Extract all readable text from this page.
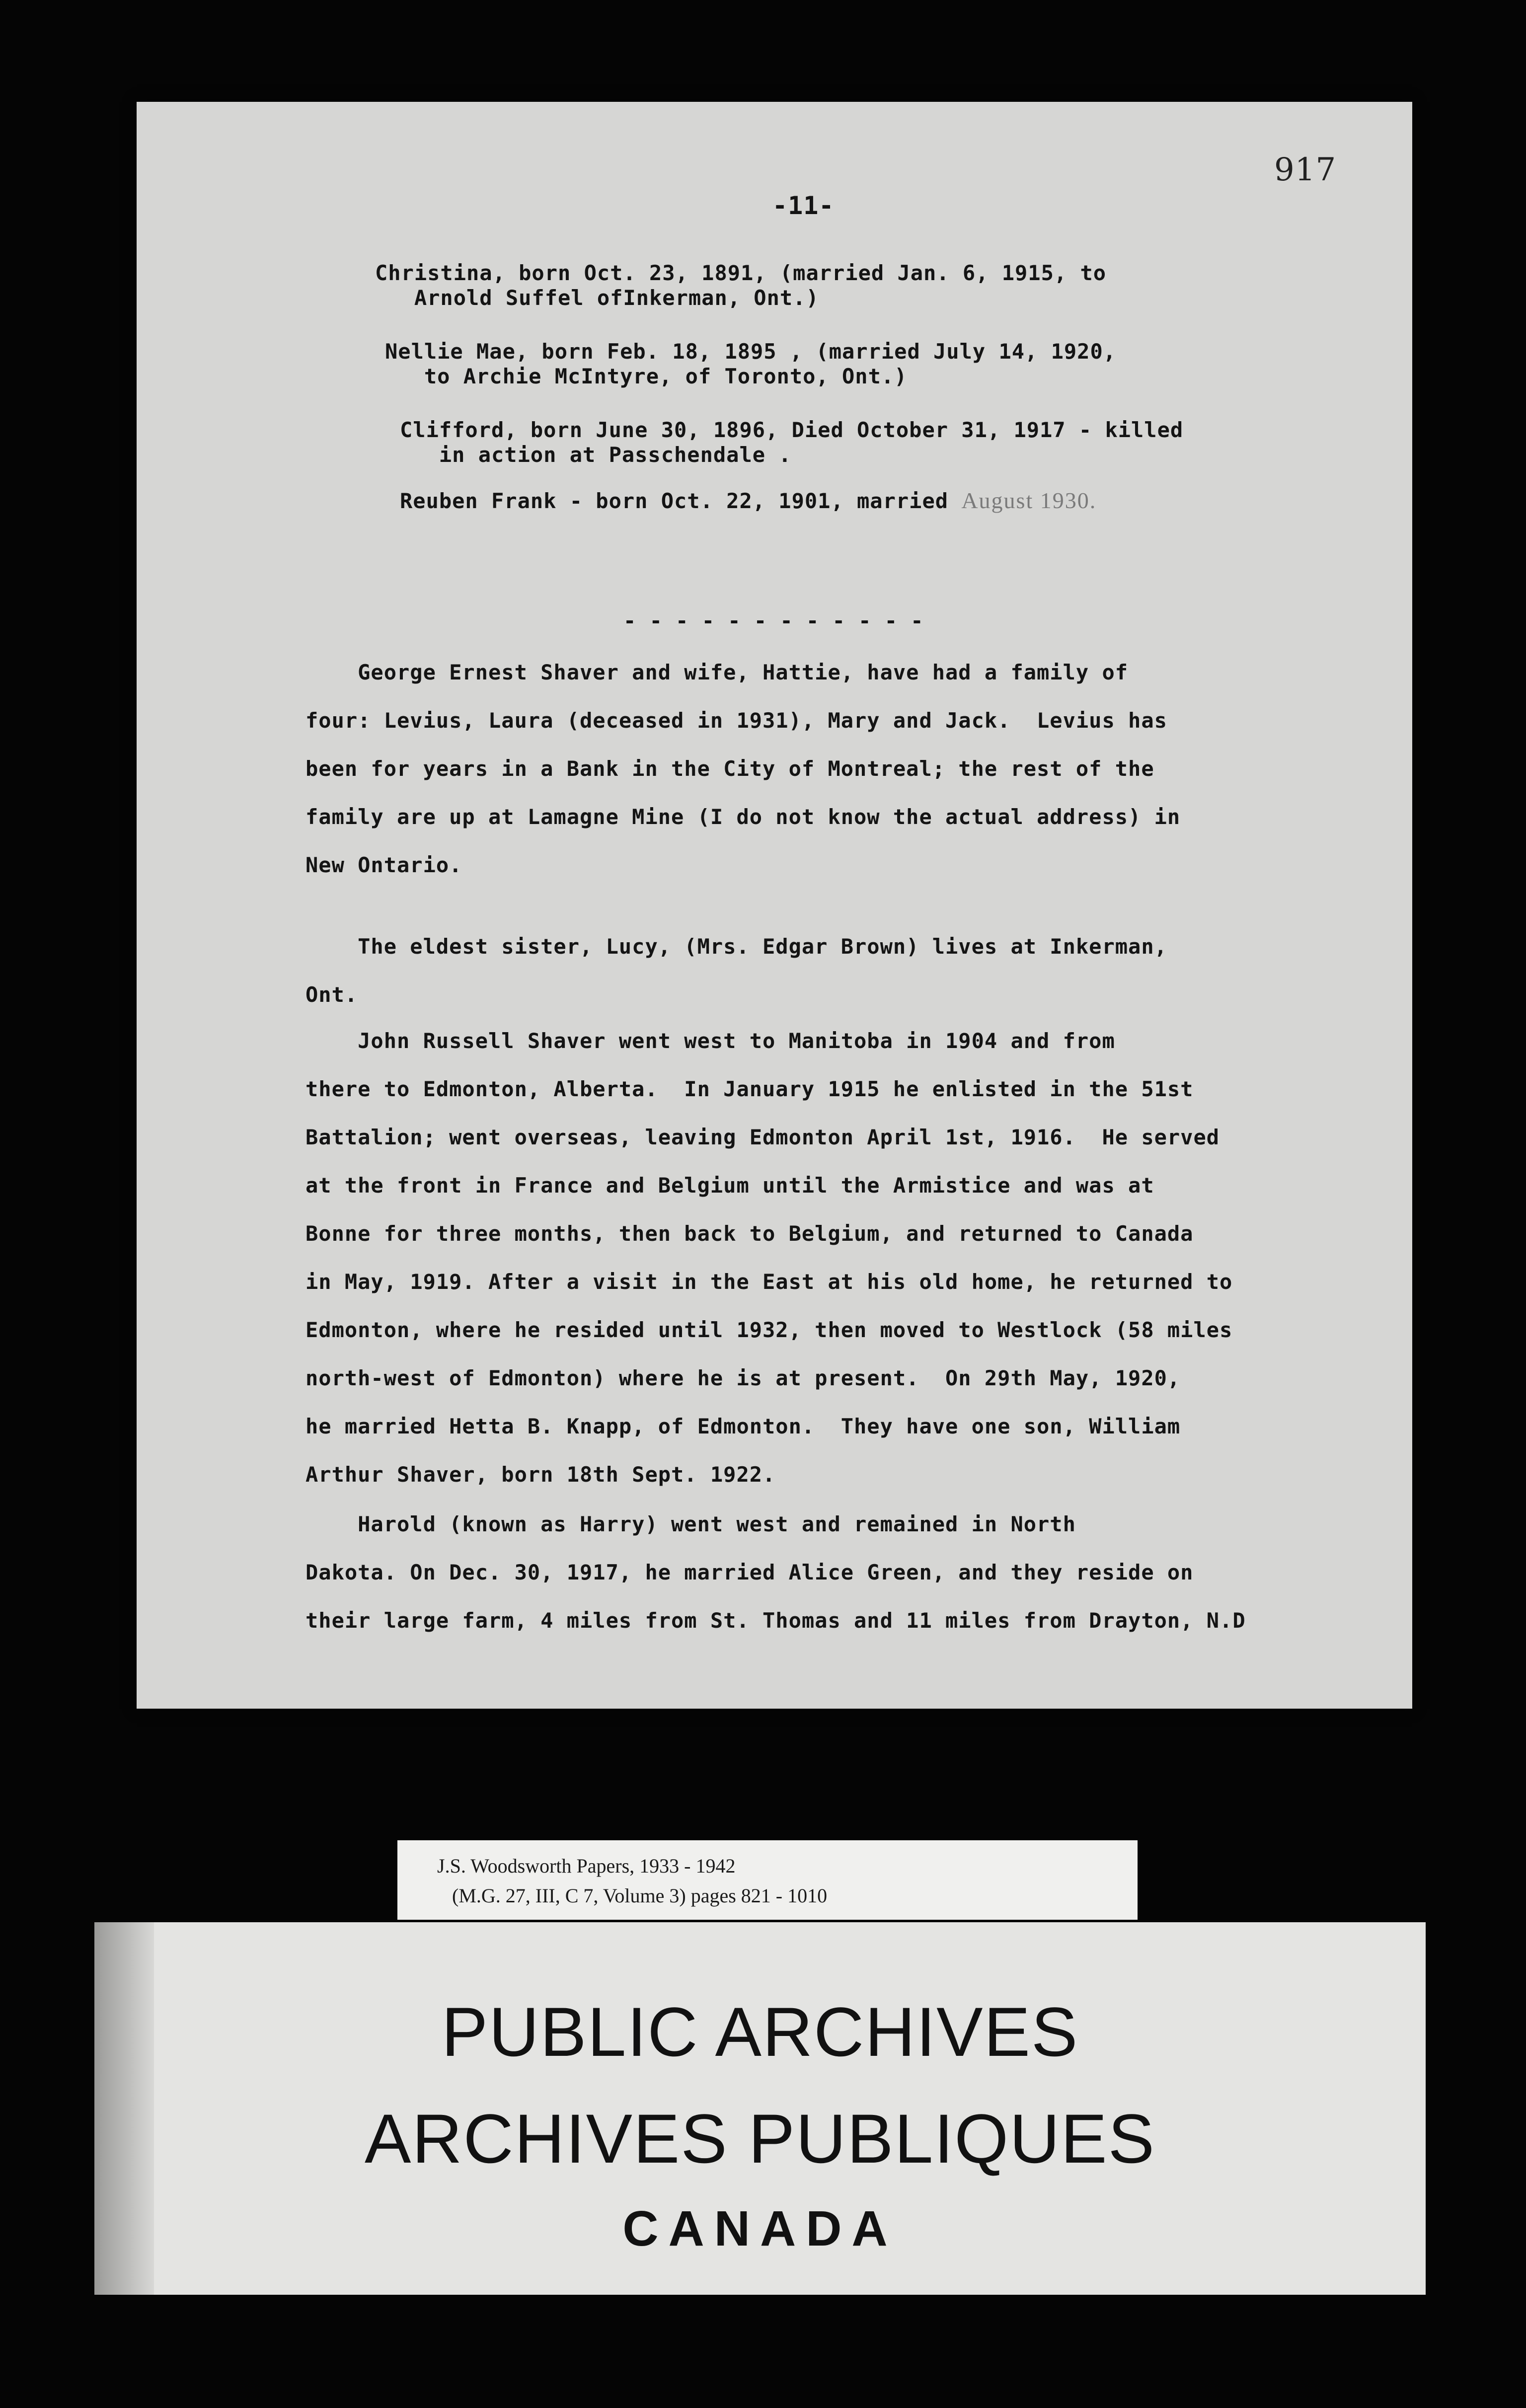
917
-11-
Christina, born Oct. 23, 1891, (married Jan. 6, 1915, to
Arnold Suffel ofInkerman, Ont.)
Nellie Mae, born Feb. 18, 1895 , (married July 14, 1920,
to Archie McIntyre, of Toronto, Ont.)
Clifford, born June 30, 1896, Died October 31, 1917 - killed
in action at Passchendale .
Reuben Frank - born Oct. 22, 1901, married August 1930.
- - - - - - - - - - - -
George Ernest Shaver and wife, Hattie, have had a family of
four: Levius, Laura (deceased in 1931), Mary and Jack.  Levius has
been for years in a Bank in the City of Montreal; the rest of the
family are up at Lamagne Mine (I do not know the actual address) in
New Ontario.
The eldest sister, Lucy, (Mrs. Edgar Brown) lives at Inkerman,
Ont.
John Russell Shaver went west to Manitoba in 1904 and from
there to Edmonton, Alberta.  In January 1915 he enlisted in the 51st
Battalion; went overseas, leaving Edmonton April 1st, 1916.  He served
at the front in France and Belgium until the Armistice and was at
Bonne for three months, then back to Belgium, and returned to Canada
in May, 1919. After a visit in the East at his old home, he returned to
Edmonton, where he resided until 1932, then moved to Westlock (58 miles
north-west of Edmonton) where he is at present.  On 29th May, 1920,
he married Hetta B. Knapp, of Edmonton.  They have one son, William
Arthur Shaver, born 18th Sept. 1922.
Harold (known as Harry) went west and remained in North
Dakota. On Dec. 30, 1917, he married Alice Green, and they reside on
their large farm, 4 miles from St. Thomas and 11 miles from Drayton, N.D
J.S. Woodsworth Papers, 1933 - 1942
(M.G. 27, III, C 7, Volume 3) pages 821 - 1010
PUBLIC ARCHIVES
ARCHIVES PUBLIQUES
CANADA
